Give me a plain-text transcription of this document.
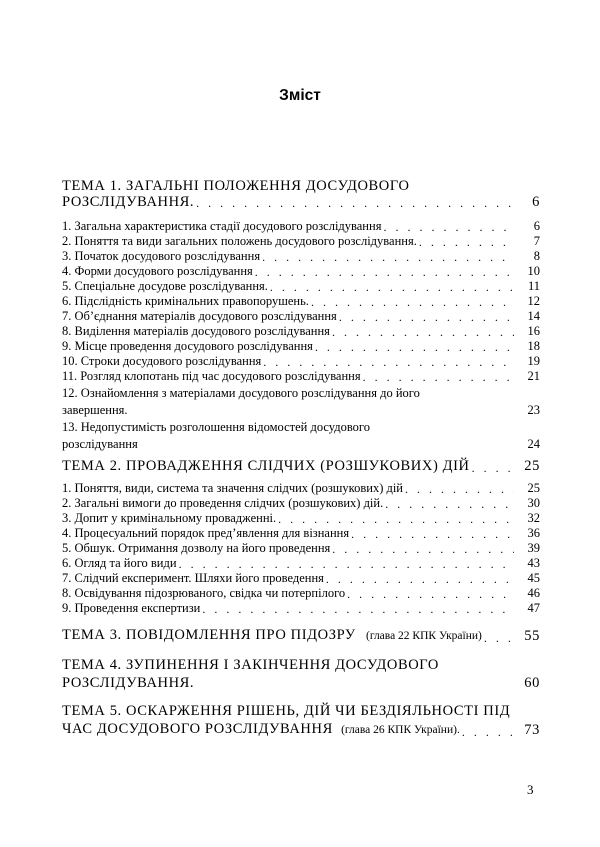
Зміст
ТЕМА 1. ЗАГАЛЬНІ ПОЛОЖЕННЯ ДОСУДОВОГО
РОЗСЛІДУВАННЯ. . . .	6
1. Загальна характеристика стадії досудового розслідування . . .	6
2. Поняття та види загальних положень досудового розслідування. . . .	7
3. Початок досудового розслідування . . .	8
4. Форми досудового розслідування . . .	10
5. Спеціальне досудове розслідування. . . .	11
6. Підслідність кримінальних правопорушень. . . .	12
7. Об’єднання матеріалів досудового розслідування . . .	14
8. Виділення матеріалів досудового розслідування . . .	16
9. Місце проведення досудового розслідування . . .	18
10. Строки досудового розслідування . . .	19
11. Розгляд клопотань під час досудового розслідування . . .	21
12. Ознайомлення з матеріалами досудового розслідування до його
завершення.	23
13. Недопустимість розголошення відомостей досудового
розслідування	24
ТЕМА 2. ПРОВАДЖЕННЯ СЛІДЧИХ (РОЗШУКОВИХ) ДІЙ . . .	25
1. Поняття, види, система та значення слідчих (розшукових) дій . . .	25
2. Загальні вимоги до проведення слідчих (розшукових) дій. . . .	30
3. Допит у кримінальному провадженні. . . .	32
4. Процесуальний порядок пред’явлення для візнання . . .	36
5. Обшук. Отримання дозволу на його проведення . . .	39
6. Огляд та його види . . .	43
7. Слідчий експеримент. Шляхи його проведення . . .	45
8. Освідування підозрюваного, свідка чи потерпілого . . .	46
9. Проведення експертизи . . .	47
ТЕМА 3. ПОВІДОМЛЕННЯ ПРО ПІДОЗРУ (глава 22 КПК України) . . .	55
ТЕМА 4. ЗУПИНЕННЯ І ЗАКІНЧЕННЯ ДОСУДОВОГО
РОЗСЛІДУВАННЯ.	60
ТЕМА 5. ОСКАРЖЕННЯ РІШЕНЬ, ДІЙ ЧИ БЕЗДІЯЛЬНОСТІ ПІД
ЧАС ДОСУДОВОГО РОЗСЛІДУВАННЯ (глава 26 КПК України). . . .	73
3
